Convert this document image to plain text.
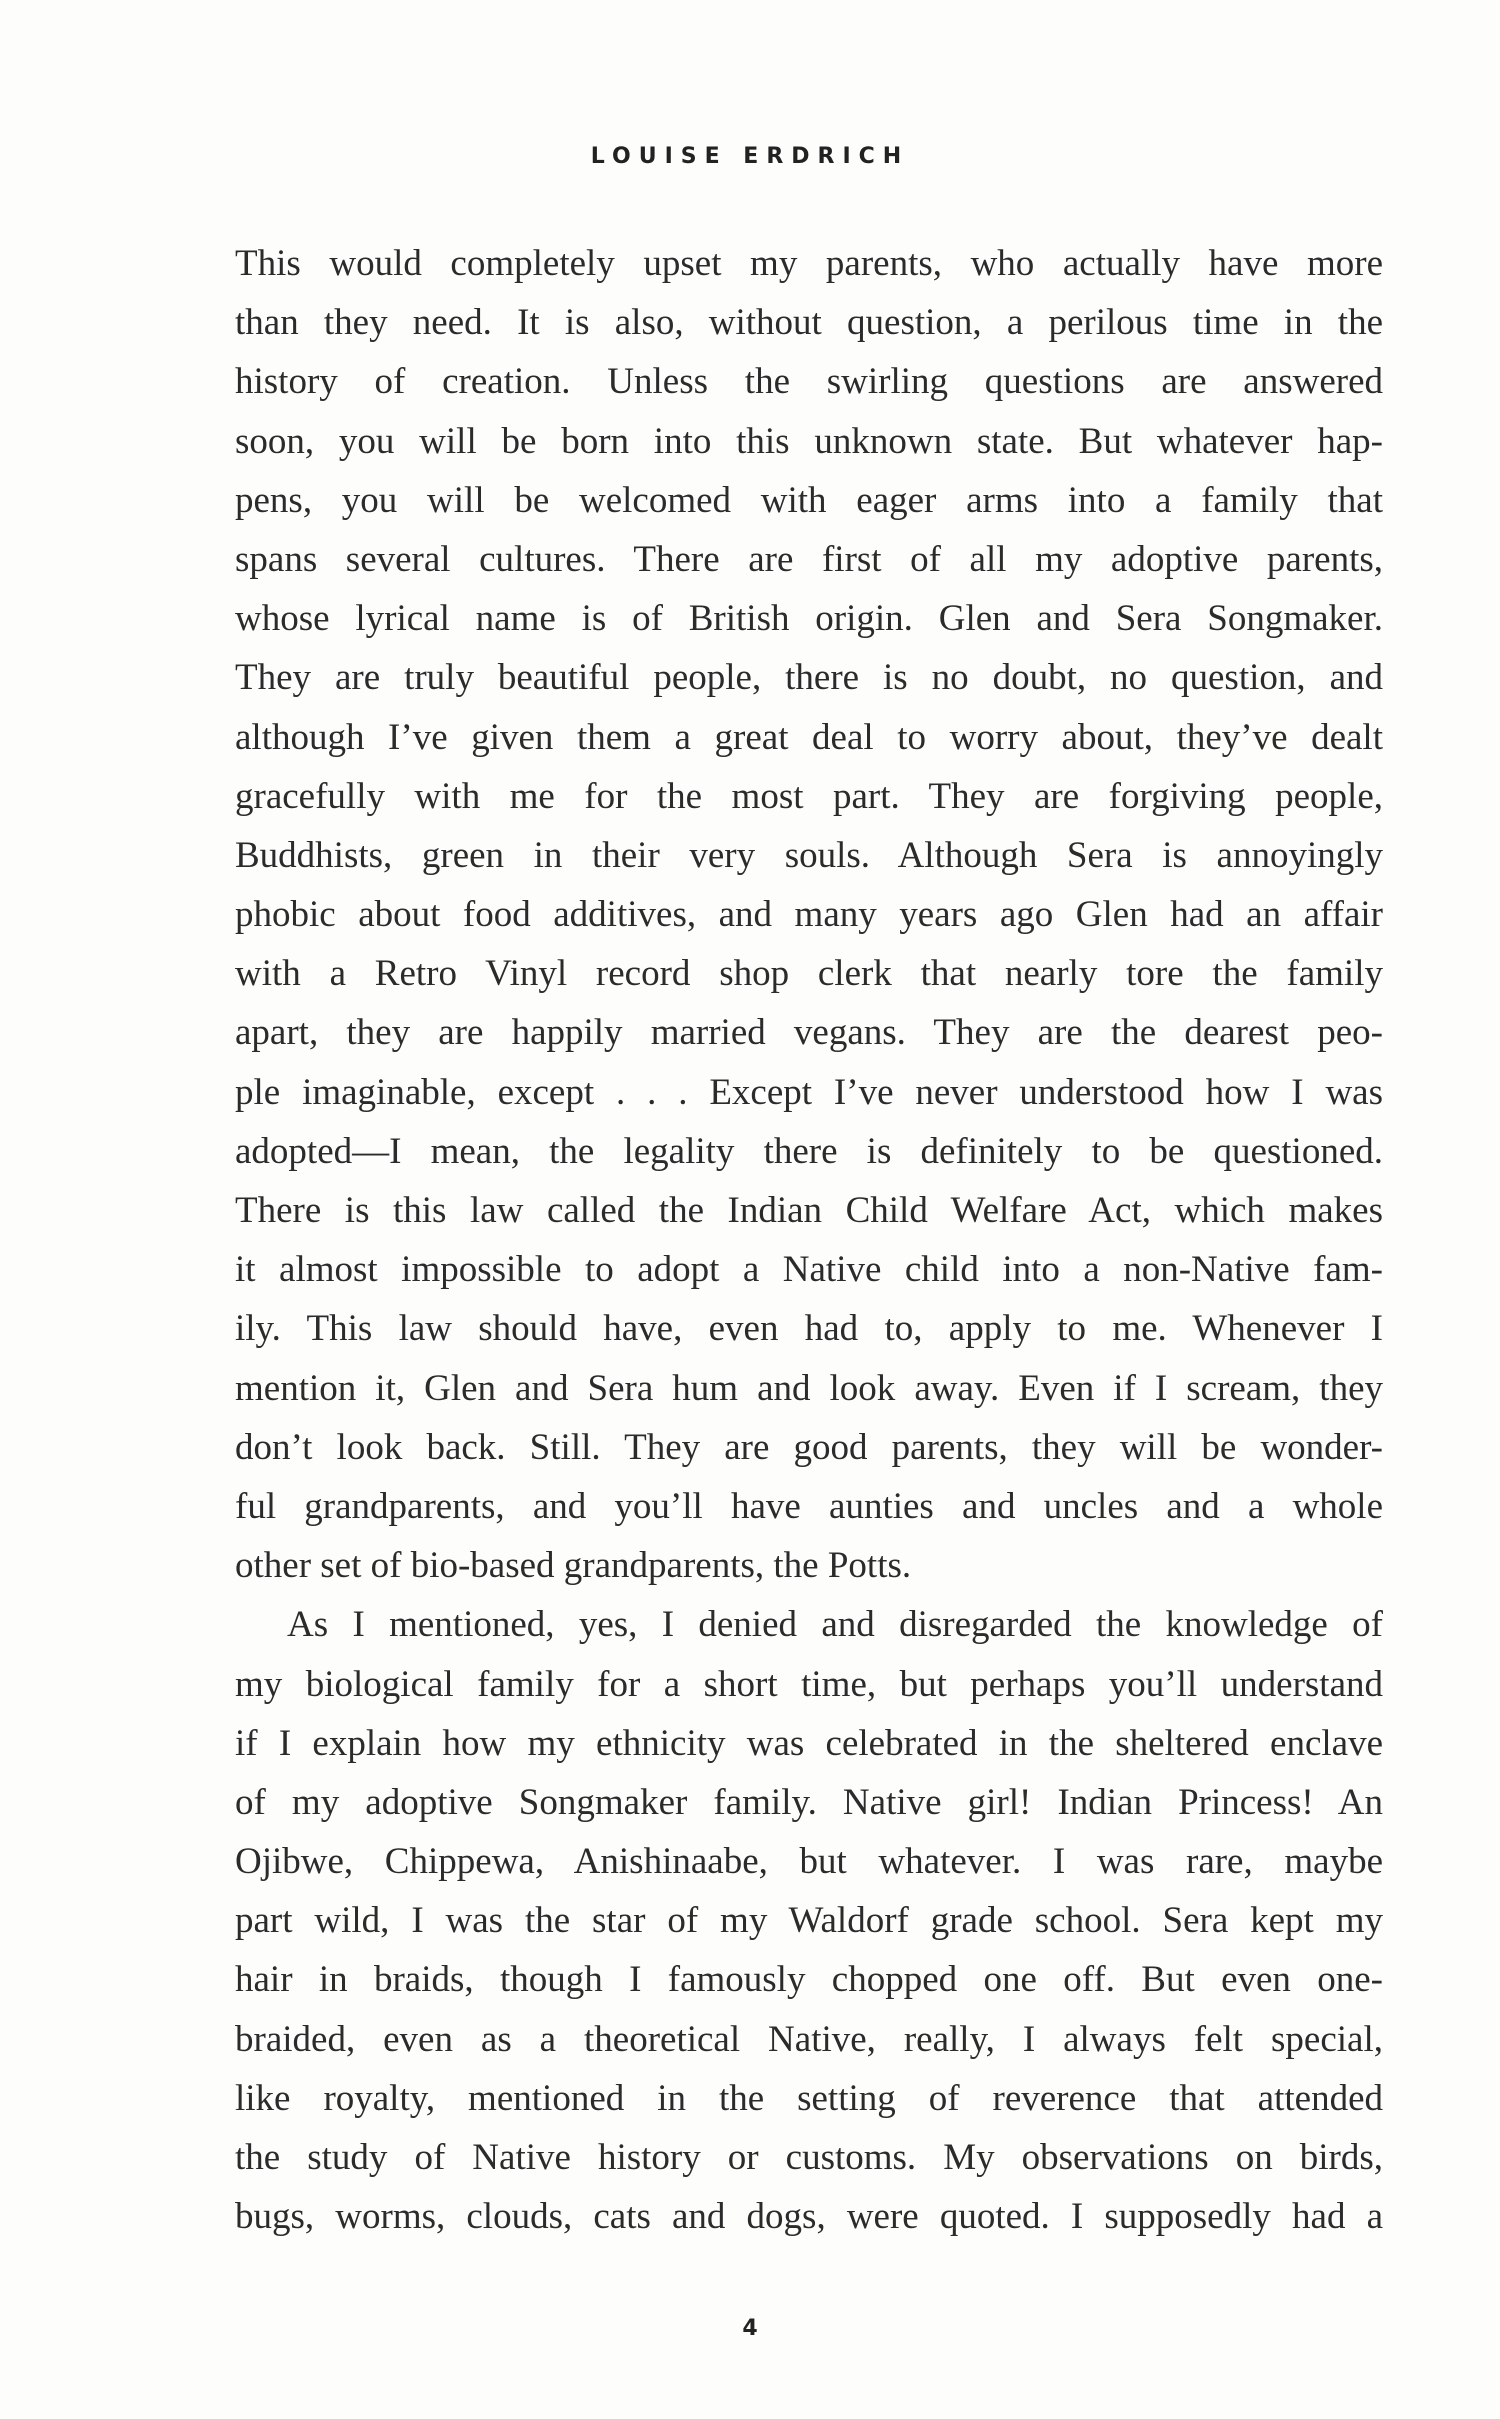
LOUISE ERDRICH
This would completely upset my parents, who actually have more
than they need. It is also, without question, a perilous time in the
history of creation. Unless the swirling questions are answered
soon, you will be born into this unknown state. But whatever hap-
pens, you will be welcomed with eager arms into a family that
spans several cultures. There are first of all my adoptive parents,
whose lyrical name is of British origin. Glen and Sera Songmaker.
They are truly beautiful people, there is no doubt, no question, and
although I’ve given them a great deal to worry about, they’ve dealt
gracefully with me for the most part. They are forgiving people,
Buddhists, green in their very souls. Although Sera is annoyingly
phobic about food additives, and many years ago Glen had an affair
with a Retro Vinyl record shop clerk that nearly tore the family
apart, they are happily married vegans. They are the dearest peo-
ple imaginable, except . . . Except I’ve never understood how I was
adopted—I mean, the legality there is definitely to be questioned.
There is this law called the Indian Child Welfare Act, which makes
it almost impossible to adopt a Native child into a non-Native fam-
ily. This law should have, even had to, apply to me. Whenever I
mention it, Glen and Sera hum and look away. Even if I scream, they
don’t look back. Still. They are good parents, they will be wonder-
ful grandparents, and you’ll have aunties and uncles and a whole
other set of bio-based grandparents, the Potts.
As I mentioned, yes, I denied and disregarded the knowledge of
my biological family for a short time, but perhaps you’ll understand
if I explain how my ethnicity was celebrated in the sheltered enclave
of my adoptive Songmaker family. Native girl! Indian Princess! An
Ojibwe, Chippewa, Anishinaabe, but whatever. I was rare, maybe
part wild, I was the star of my Waldorf grade school. Sera kept my
hair in braids, though I famously chopped one off. But even one-
braided, even as a theoretical Native, really, I always felt special,
like royalty, mentioned in the setting of reverence that attended
the study of Native history or customs. My observations on birds,
bugs, worms, clouds, cats and dogs, were quoted. I supposedly had a
4
